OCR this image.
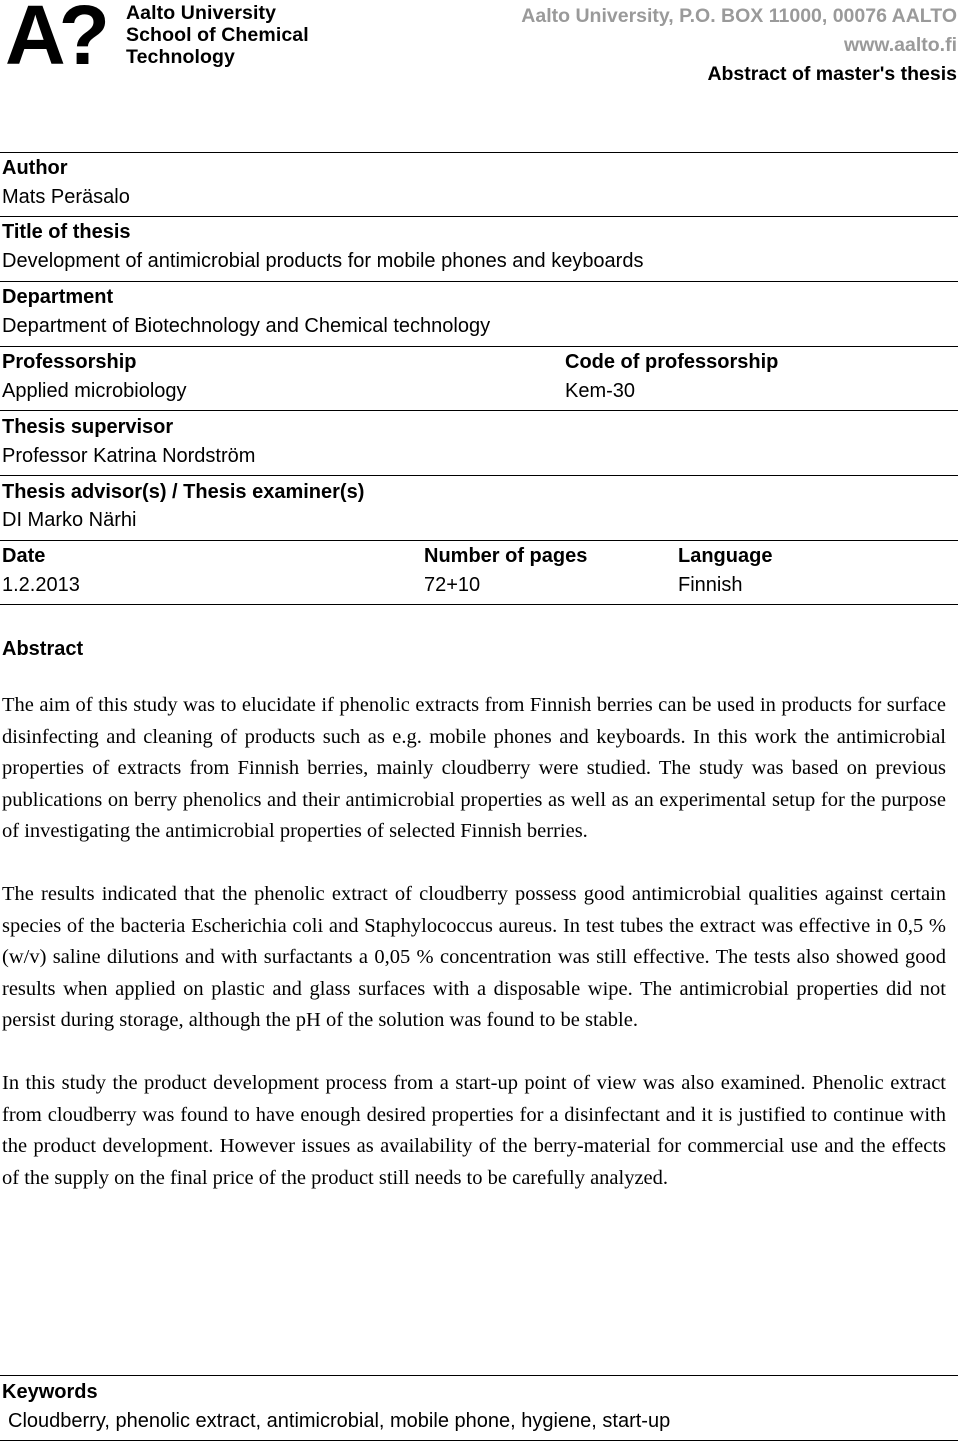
A? Aalto University
School of Chemical
Technology
Aalto University, P.O. BOX 11000, 00076 AALTO
www.aalto.fi
Abstract of master's thesis
Author
Mats Peräsalo
Title of thesis
Development of antimicrobial products for mobile phones and keyboards
Department
Department of Biotechnology and Chemical technology
Professorship
Applied microbiology
Code of professorship
Kem-30
Thesis supervisor
Professor Katrina Nordström
Thesis advisor(s) / Thesis examiner(s)
DI Marko Närhi
Date
1.2.2013
Number of pages
72+10
Language
Finnish
Abstract

The aim of this study was to elucidate if phenolic extracts from Finnish berries can be used in products for surface disinfecting and cleaning of products such as e.g. mobile phones and keyboards. In this work the antimicrobial properties of extracts from Finnish berries, mainly cloudberry were studied. The study was based on previous publications on berry phenolics and their antimicrobial properties as well as an experimental setup for the purpose of investigating the antimicrobial properties of selected Finnish berries.

The results indicated that the phenolic extract of cloudberry possess good antimicrobial qualities against certain species of the bacteria Escherichia coli and Staphylococcus aureus. In test tubes the extract was effective in 0,5 % (w/v) saline dilutions and with surfactants a 0,05 % concentration was still effective. The tests also showed good results when applied on plastic and glass surfaces with a disposable wipe. The antimicrobial properties did not persist during storage, although the pH of the solution was found to be stable.

In this study the product development process from a start-up point of view was also examined. Phenolic extract from cloudberry was found to have enough desired properties for a disinfectant and it is justified to continue with the product development. However issues as availability of the berry-material for commercial use and the effects of the supply on the final price of the product still needs to be carefully analyzed.

Keywords
Cloudberry, phenolic extract, antimicrobial, mobile phone, hygiene, start-up
